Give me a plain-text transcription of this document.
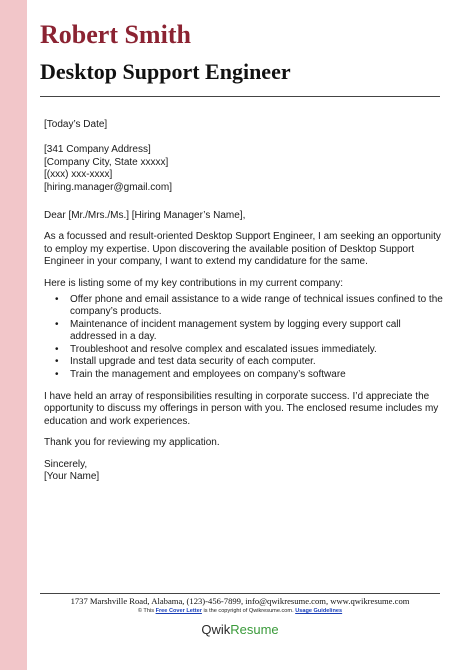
Robert Smith
Desktop Support Engineer

[Today’s Date]

[341 Company Address]
[Company City, State xxxxx]
[(xxx) xxx-xxxx]
[hiring.manager@gmail.com]

Dear [Mr./Mrs./Ms.] [Hiring Manager’s Name],

As a focussed and result-oriented Desktop Support Engineer, I am seeking an opportunity to employ my expertise. Upon discovering the available position of Desktop Support Engineer in your company, I want to extend my candidature for the same.

Here is listing some of my key contributions in my current company:

• Offer phone and email assistance to a wide range of technical issues confined to the company’s products.
• Maintenance of incident management system by logging every support call addressed in a day.
• Troubleshoot and resolve complex and escalated issues immediately.
• Install upgrade and test data security of each computer.
• Train the management and employees on company’s software

I have held an array of responsibilities resulting in corporate success. I’d appreciate the opportunity to discuss my offerings in person with you. The enclosed resume includes my education and work experiences.

Thank you for reviewing my application.

Sincerely,

[Your Name]

1737 Marshville Road, Alabama, (123)-456-7899, info@qwikresume.com, www.qwikresume.com
© This Free Cover Letter is the copyright of Qwikresume.com. Usage Guidelines
QwikResume
